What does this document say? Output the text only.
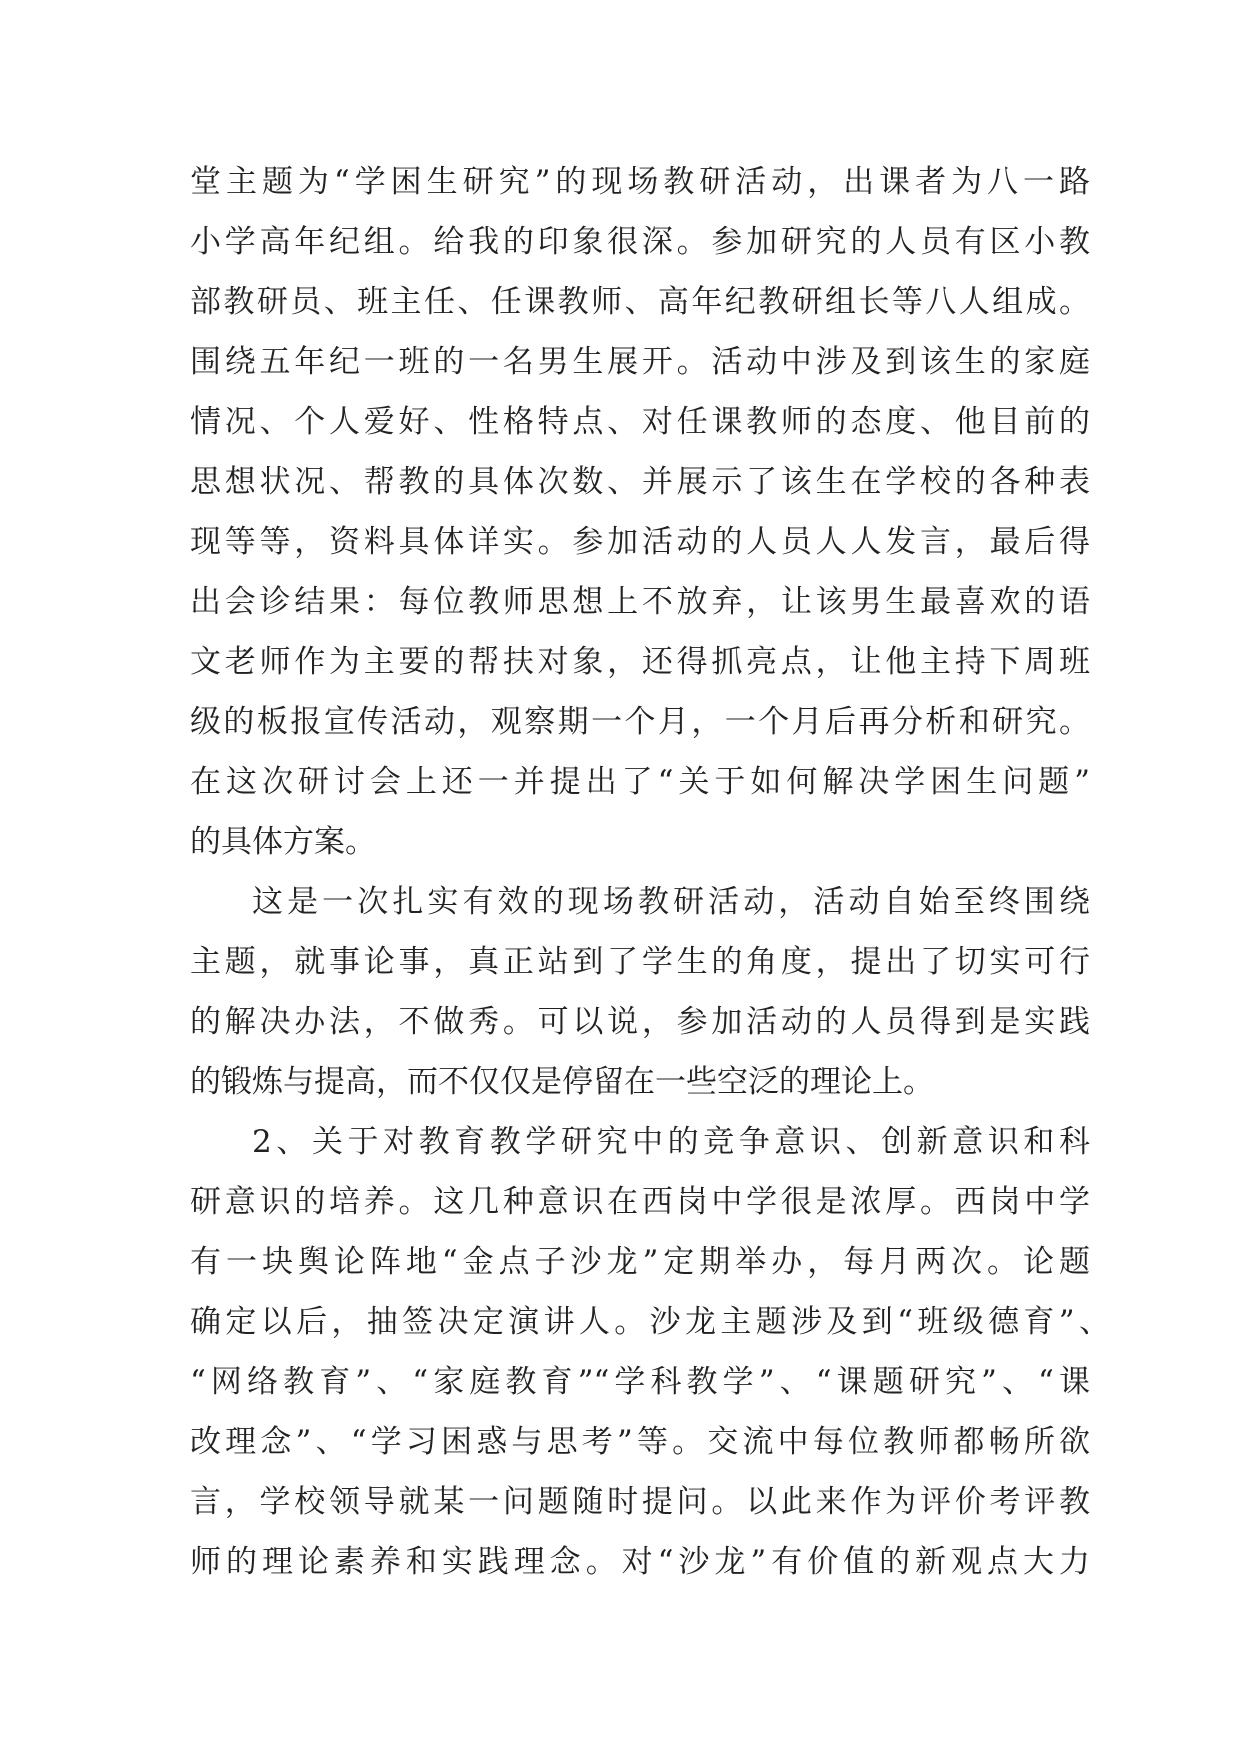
堂主题为“学困生研究”的现场教研活动，出课者为八一路
小学高年纪组。给我的印象很深。参加研究的人员有区小教
部教研员、班主任、任课教师、高年纪教研组长等八人组成。
围绕五年纪一班的一名男生展开。活动中涉及到该生的家庭
情况、个人爱好、性格特点、对任课教师的态度、他目前的
思想状况、帮教的具体次数、并展示了该生在学校的各种表
现等等，资料具体详实。参加活动的人员人人发言，最后得
出会诊结果：每位教师思想上不放弃，让该男生最喜欢的语
文老师作为主要的帮扶对象，还得抓亮点，让他主持下周班
级的板报宣传活动，观察期一个月，一个月后再分析和研究。
在这次研讨会上还一并提出了“关于如何解决学困生问题”
的具体方案。
这是一次扎实有效的现场教研活动，活动自始至终围绕
主题，就事论事，真正站到了学生的角度，提出了切实可行
的解决办法，不做秀。可以说，参加活动的人员得到是实践
的锻炼与提高，而不仅仅是停留在一些空泛的理论上。
2、关于对教育教学研究中的竞争意识、创新意识和科
研意识的培养。这几种意识在西岗中学很是浓厚。西岗中学
有一块舆论阵地“金点子沙龙”定期举办，每月两次。论题
确定以后，抽签决定演讲人。沙龙主题涉及到“班级德育”、
“网络教育”、“家庭教育”“学科教学”、“课题研究”、“课
改理念”、“学习困惑与思考”等。交流中每位教师都畅所欲
言，学校领导就某一问题随时提问。以此来作为评价考评教
师的理论素养和实践理念。对“沙龙”有价值的新观点大力
